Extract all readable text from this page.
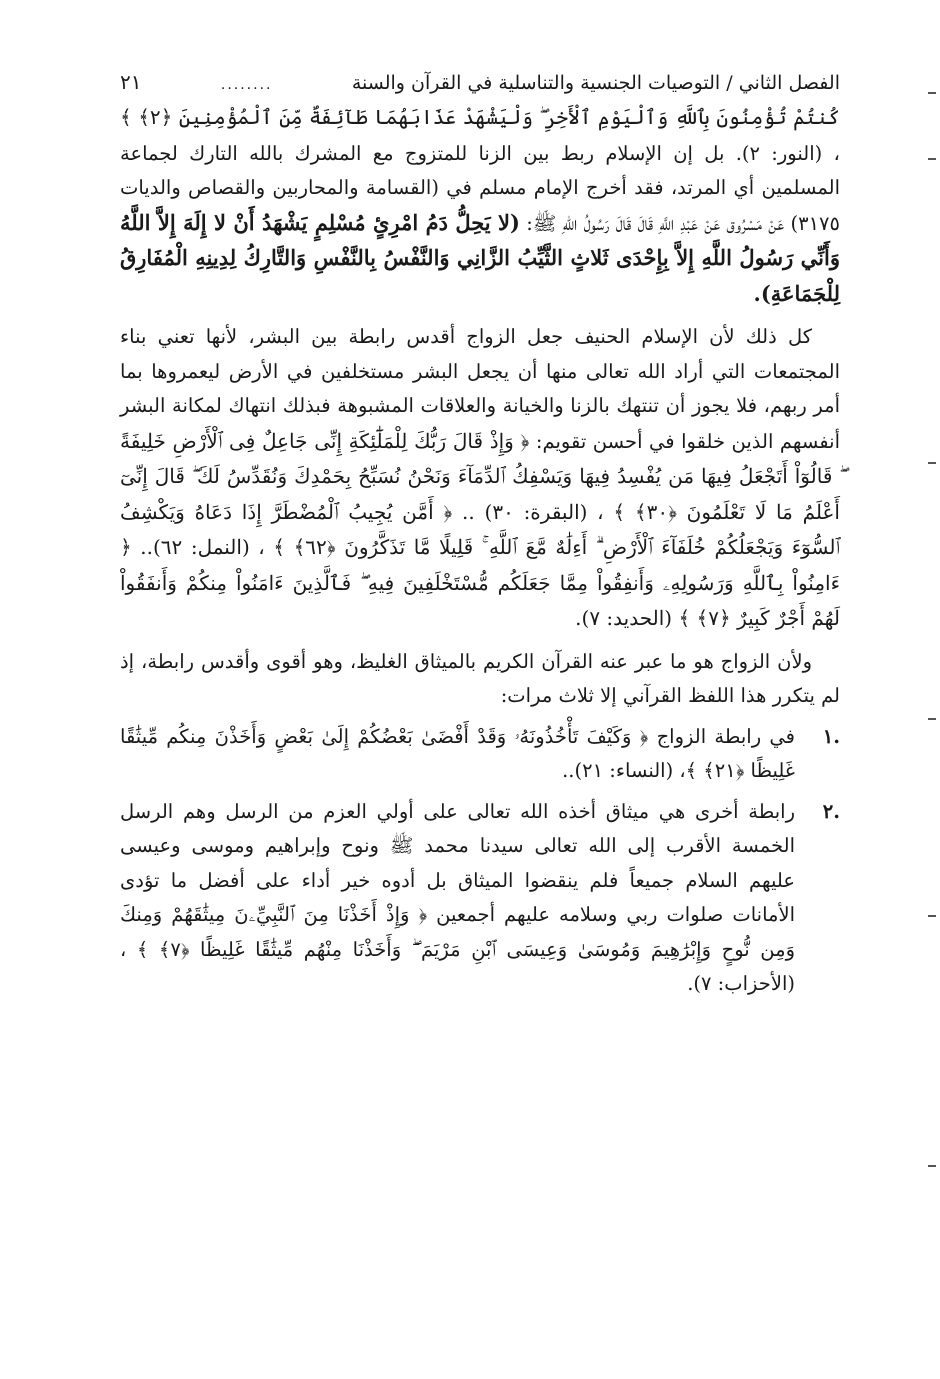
الفصل الثاني / التوصيات الجنسية والتناسلية في القرآن والسنة
........
٢١

كُنتُمْ تُؤْمِنُونَ بِٱللَّهِ وَٱلْيَوْمِ ٱلْأَخِرِ ۖ وَلْيَشْهَدْ عَذَابَهُمَا طَآئِفَةٌ مِّنَ ٱلْمُؤْمِنِينَ ﴿٢﴾ ﴾ ، (النور: ٢). بل إن الإسلام ربط بين الزنا للمتزوج مع المشرك بالله التارك لجماعة المسلمين أي المرتد، فقد أخرج الإمام مسلم في (القسامة والمحاربين والقصاص والديات ٣١٧٥) عَنْ مَسْرُوق عَنْ عَبْدِ اللَّهِ قَالَ قَالَ رَسُولُ اللهِ ﷺ: (لا يَحِلُّ دَمُ امْرِئٍ مُسْلِمٍ يَشْهَدُ أَنْ لا إِلَهَ إِلاَّ اللَّهُ وَأَنِّي رَسُولُ اللَّهِ إِلاَّ بِإِحْدَى ثَلاثٍ الثَّيِّبُ الزَّانِي وَالنَّفْسُ بِالنَّفْسِ وَالتَّارِكُ لِدِينِهِ الْمُفَارِقُ لِلْجَمَاعَةِ).

كل ذلك لأن الإسلام الحنيف جعل الزواج أقدس رابطة بين البشر، لأنها تعني بناء المجتمعات التي أراد الله تعالى منها أن يجعل البشر مستخلفين في الأرض ليعمروها بما أمر ربهم، فلا يجوز أن تنتهك بالزنا والخيانة والعلاقات المشبوهة فبذلك انتهاك لمكانة البشر أنفسهم الذين خلقوا في أحسن تقويم: ﴿ وَإِذْ قَالَ رَبُّكَ لِلْمَلَٰٓئِكَةِ إِنِّى جَاعِلٌ فِى ٱلْأَرْضِ خَلِيفَةً ۖ قَالُوٓاْ أَتَجْعَلُ فِيهَا مَن يُفْسِدُ فِيهَا وَيَسْفِكُ ٱلدِّمَآءَ وَنَحْنُ نُسَبِّحُ بِحَمْدِكَ وَنُقَدِّسُ لَكَ ۖ قَالَ إِنِّىٓ أَعْلَمُ مَا لَا تَعْلَمُونَ ﴿٣٠﴾ ﴾ ، (البقرة: ٣٠) .. ﴿ أَمَّن يُجِيبُ ٱلْمُضْطَرَّ إِذَا دَعَاهُ وَيَكْشِفُ ٱلسُّوٓءَ وَيَجْعَلُكُمْ خُلَفَآءَ ٱلْأَرْضِ ۗ أَءِلَٰهٌ مَّعَ ٱللَّهِ ۚ قَلِيلًا مَّا تَذَكَّرُونَ ﴿٦٢﴾ ﴾ ، (النمل: ٦٢).. ﴿ ءَامِنُواْ بِٱللَّهِ وَرَسُولِهِۦ وَأَنفِقُواْ مِمَّا جَعَلَكُم مُّسْتَخْلَفِينَ فِيهِ ۖ فَٱلَّذِينَ ءَامَنُواْ مِنكُمْ وَأَنفَقُواْ لَهُمْ أَجْرٌ كَبِيرٌ ﴿٧﴾ ﴾ (الحديد: ٧).

ولأن الزواج هو ما عبر عنه القرآن الكريم بالميثاق الغليظ، وهو أقوى وأقدس رابطة، إذ لم يتكرر هذا اللفظ القرآني إلا ثلاث مرات:

.١

في رابطة الزواج ﴿ وَكَيْفَ تَأْخُذُونَهُۥ وَقَدْ أَفْضَىٰ بَعْضُكُمْ إِلَىٰ بَعْضٍ وَأَخَذْنَ مِنكُم مِّيثَٰقًا غَلِيظًا ﴿٢١﴾ ﴾، (النساء: ٢١)..

.٢

رابطة أخرى هي ميثاق أخذه الله تعالى على أولي العزم من الرسل وهم الرسل الخمسة الأقرب إلى الله تعالى سيدنا محمد ﷺ ونوح وإبراهيم وموسى وعيسى عليهم السلام جميعاً فلم ينقضوا الميثاق بل أدوه خير أداء على أفضل ما تؤدى الأمانات صلوات ربي وسلامه عليهم أجمعين ﴿ وَإِذْ أَخَذْنَا مِنَ ٱلنَّبِيِّۦنَ مِيثَٰقَهُمْ وَمِنكَ وَمِن نُّوحٍ وَإِبْرَٰهِيمَ وَمُوسَىٰ وَعِيسَى ٱبْنِ مَرْيَمَ ۖ وَأَخَذْنَا مِنْهُم مِّيثَٰقًا غَلِيظًا ﴿٧﴾ ﴾ ، (الأحزاب: ٧).
